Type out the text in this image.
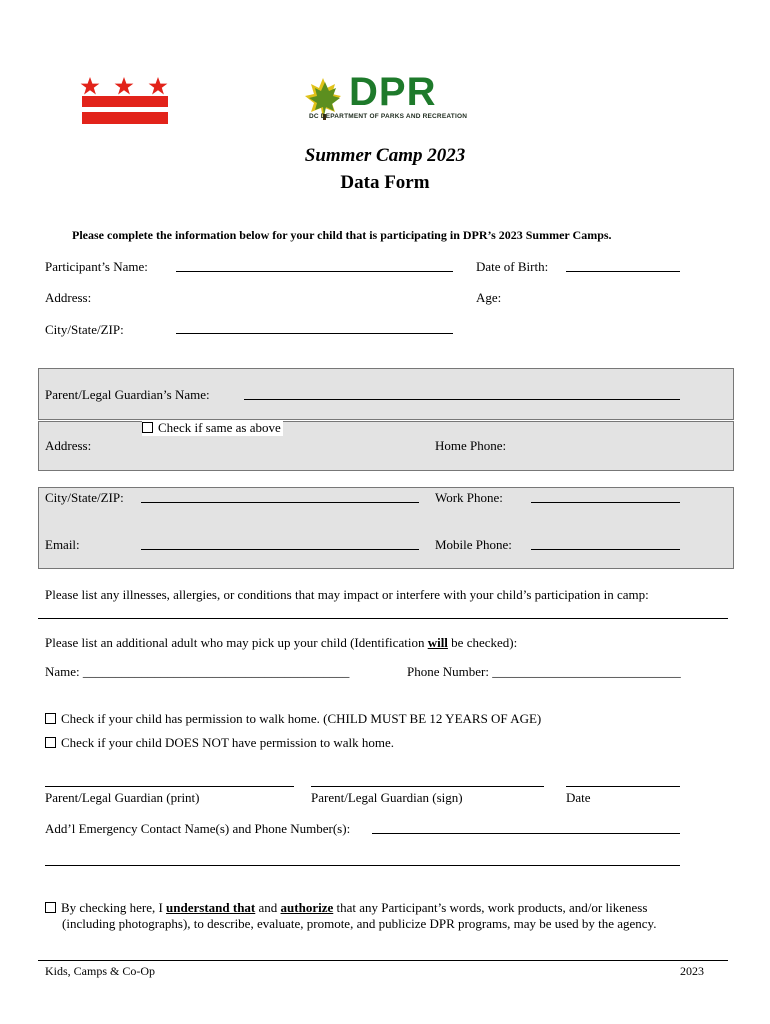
DPR
DC DEPARTMENT OF PARKS AND RECREATION
Summer Camp 2023
Data Form
Please complete the information below for your child that is participating in DPR’s 2023 Summer Camps.
Participant’s Name:	Date of Birth:
Address:	Age:
City/State/ZIP:
Parent/Legal Guardian’s Name:
Check if same as above
Address:	Home Phone:
City/State/ZIP:	Work Phone:
Email:	Mobile Phone:
Please list any illnesses, allergies, or conditions that may impact or interfere with your child’s participation in camp:
Please list an additional adult who may pick up your child (Identification will be checked):
Name: _________________________________________	Phone Number: _____________________________
Check if your child has permission to walk home. (CHILD MUST BE 12 YEARS OF AGE)
Check if your child DOES NOT have permission to walk home.
Parent/Legal Guardian (print)	Parent/Legal Guardian (sign)	Date
Add’l Emergency Contact Name(s) and Phone Number(s):
By checking here, I understand that and authorize that any Participant’s words, work products, and/or likeness
(including photographs), to describe, evaluate, promote, and publicize DPR programs, may be used by the agency.
Kids, Camps & Co-Op	2023
